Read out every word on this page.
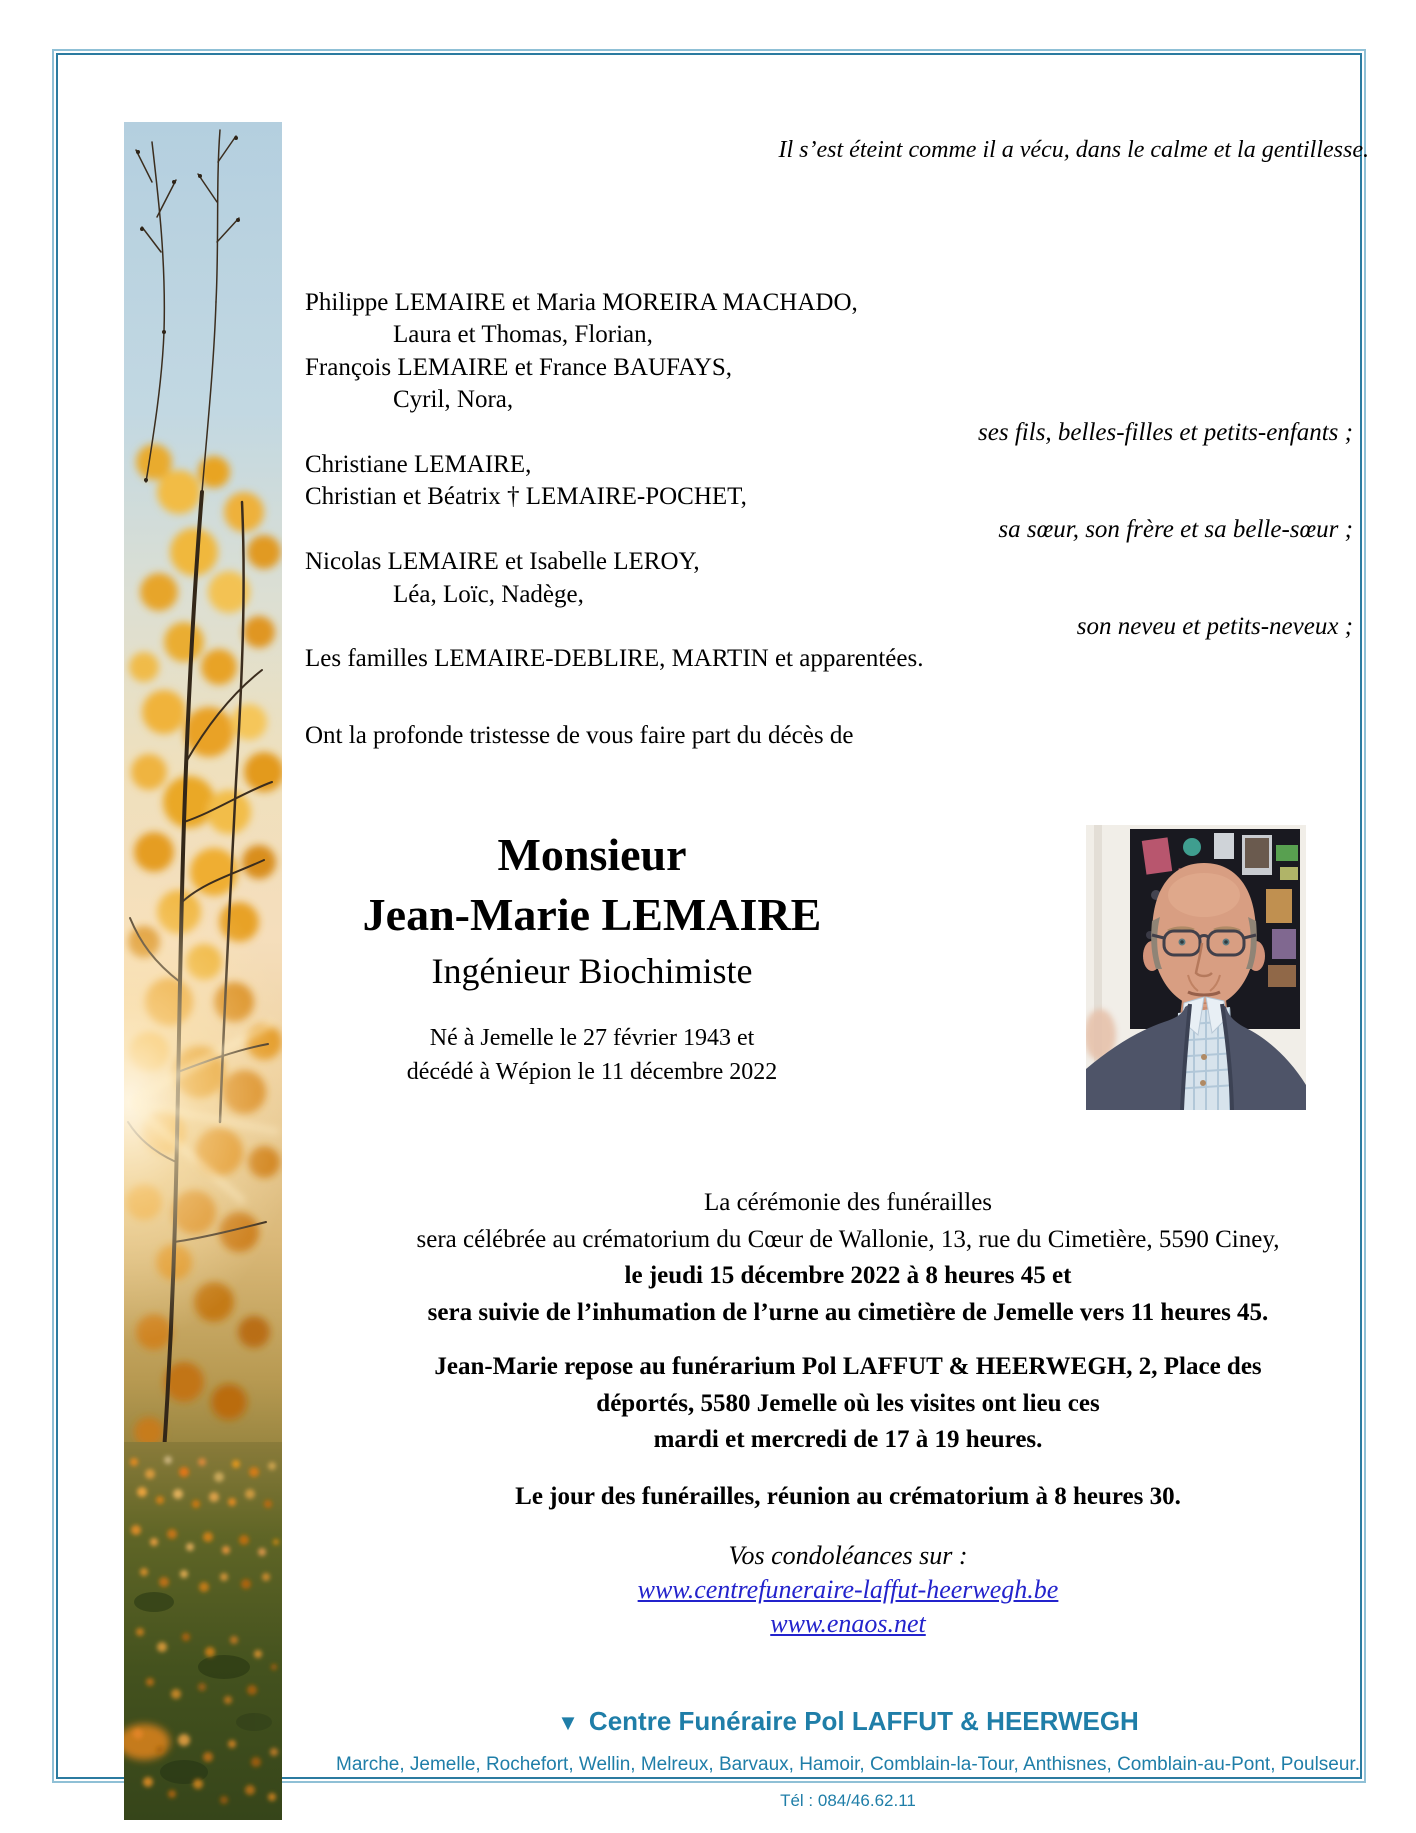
Il s’est éteint comme il a vécu, dans le calme et la gentillesse.
Philippe LEMAIRE et Maria MOREIRA MACHADO,
Laura et Thomas, Florian,
François LEMAIRE et France BAUFAYS,
Cyril, Nora,
ses fils, belles-filles et petits-enfants ;
Christiane LEMAIRE,
Christian et Béatrix † LEMAIRE-POCHET,
sa sœur, son frère et sa belle-sœur ;
Nicolas LEMAIRE et Isabelle LEROY,
Léa, Loïc, Nadège,
son neveu et petits-neveux ;
Les familles LEMAIRE-DEBLIRE, MARTIN et apparentées.
Ont la profonde tristesse de vous faire part du décès de
Monsieur
Jean-Marie LEMAIRE
Ingénieur Biochimiste
Né à Jemelle le 27 février 1943 et
décédé à Wépion le 11 décembre 2022
La cérémonie des funérailles
sera célébrée au crématorium du Cœur de Wallonie, 13, rue du Cimetière, 5590 Ciney,
le jeudi 15 décembre 2022 à 8 heures 45 et
sera suivie de l’inhumation de l’urne au cimetière de Jemelle vers 11 heures 45.
Jean-Marie repose au funérarium Pol LAFFUT & HEERWEGH, 2, Place des
déportés, 5580 Jemelle où les visites ont lieu ces
mardi et mercredi de 17 à 19 heures.
Le jour des funérailles, réunion au crématorium à 8 heures 30.
Vos condoléances sur :
www.centrefuneraire-laffut-heerwegh.be
www.enaos.net
▼ Centre Funéraire Pol LAFFUT & HEERWEGH
Marche, Jemelle, Rochefort, Wellin, Melreux, Barvaux, Hamoir, Comblain-la-Tour, Anthisnes, Comblain-au-Pont, Poulseur.
Tél : 084/46.62.11
